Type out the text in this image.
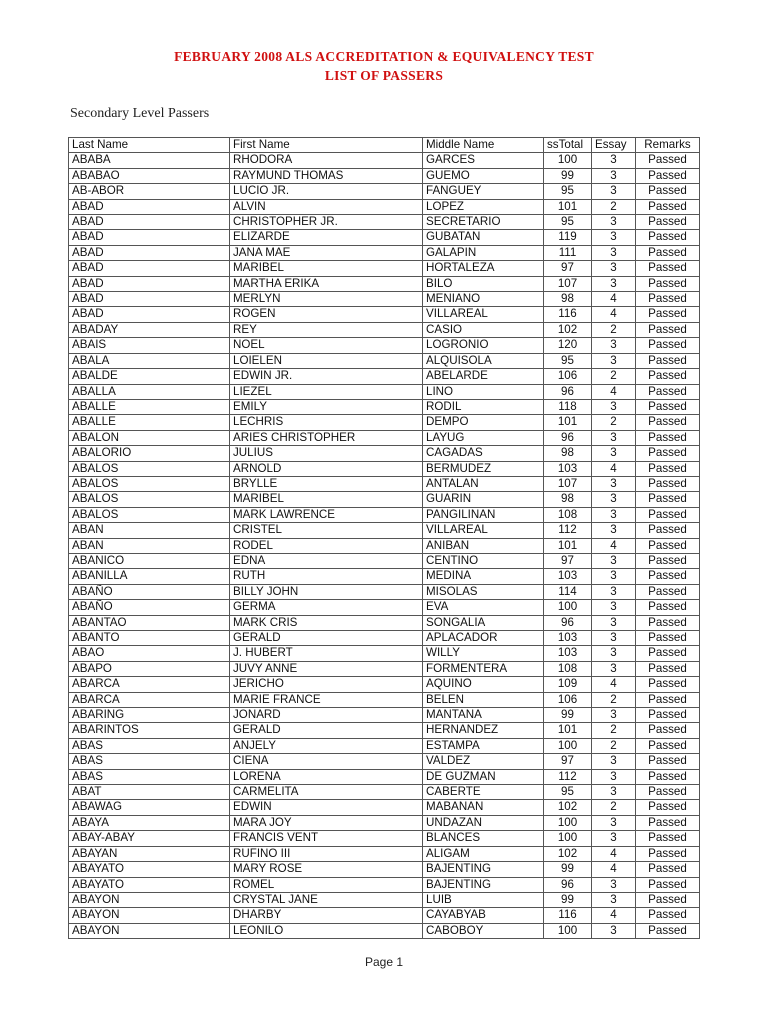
FEBRUARY 2008 ALS ACCREDITATION & EQUIVALENCY TEST
LIST OF PASSERS
Secondary Level Passers
Last Name	First Name	Middle Name	ssTotal	Essay	Remarks
ABABA	RHODORA	GARCES	100	3	Passed
ABABAO	RAYMUND THOMAS	GUEMO	99	3	Passed
AB-ABOR	LUCIO JR.	FANGUEY	95	3	Passed
ABAD	ALVIN	LOPEZ	101	2	Passed
ABAD	CHRISTOPHER JR.	SECRETARIO	95	3	Passed
ABAD	ELIZARDE	GUBATAN	119	3	Passed
ABAD	JANA MAE	GALAPIN	111	3	Passed
ABAD	MARIBEL	HORTALEZA	97	3	Passed
ABAD	MARTHA ERIKA	BILO	107	3	Passed
ABAD	MERLYN	MENIANO	98	4	Passed
ABAD	ROGEN	VILLAREAL	116	4	Passed
ABADAY	REY	CASIO	102	2	Passed
ABAIS	NOEL	LOGRONIO	120	3	Passed
ABALA	LOIELEN	ALQUISOLA	95	3	Passed
ABALDE	EDWIN JR.	ABELARDE	106	2	Passed
ABALLA	LIEZEL	LINO	96	4	Passed
ABALLE	EMILY	RODIL	118	3	Passed
ABALLE	LECHRIS	DEMPO	101	2	Passed
ABALON	ARIES CHRISTOPHER	LAYUG	96	3	Passed
ABALORIO	JULIUS	CAGADAS	98	3	Passed
ABALOS	ARNOLD	BERMUDEZ	103	4	Passed
ABALOS	BRYLLE	ANTALAN	107	3	Passed
ABALOS	MARIBEL	GUARIN	98	3	Passed
ABALOS	MARK LAWRENCE	PANGILINAN	108	3	Passed
ABAN	CRISTEL	VILLAREAL	112	3	Passed
ABAN	RODEL	ANIBAN	101	4	Passed
ABANICO	EDNA	CENTINO	97	3	Passed
ABANILLA	RUTH	MEDINA	103	3	Passed
ABAÑO	BILLY JOHN	MISOLAS	114	3	Passed
ABAÑO	GERMA	EVA	100	3	Passed
ABANTAO	MARK CRIS	SONGALIA	96	3	Passed
ABANTO	GERALD	APLACADOR	103	3	Passed
ABAO	J. HUBERT	WILLY	103	3	Passed
ABAPO	JUVY ANNE	FORMENTERA	108	3	Passed
ABARCA	JERICHO	AQUINO	109	4	Passed
ABARCA	MARIE FRANCE	BELEN	106	2	Passed
ABARING	JONARD	MANTANA	99	3	Passed
ABARINTOS	GERALD	HERNANDEZ	101	2	Passed
ABAS	ANJELY	ESTAMPA	100	2	Passed
ABAS	CIENA	VALDEZ	97	3	Passed
ABAS	LORENA	DE GUZMAN	112	3	Passed
ABAT	CARMELITA	CABERTE	95	3	Passed
ABAWAG	EDWIN	MABANAN	102	2	Passed
ABAYA	MARA JOY	UNDAZAN	100	3	Passed
ABAY-ABAY	FRANCIS VENT	BLANCES	100	3	Passed
ABAYAN	RUFINO III	ALIGAM	102	4	Passed
ABAYATO	MARY ROSE	BAJENTING	99	4	Passed
ABAYATO	ROMEL	BAJENTING	96	3	Passed
ABAYON	CRYSTAL JANE	LUIB	99	3	Passed
ABAYON	DHARBY	CAYABYAB	116	4	Passed
ABAYON	LEONILO	CABOBOY	100	3	Passed
Page 1
